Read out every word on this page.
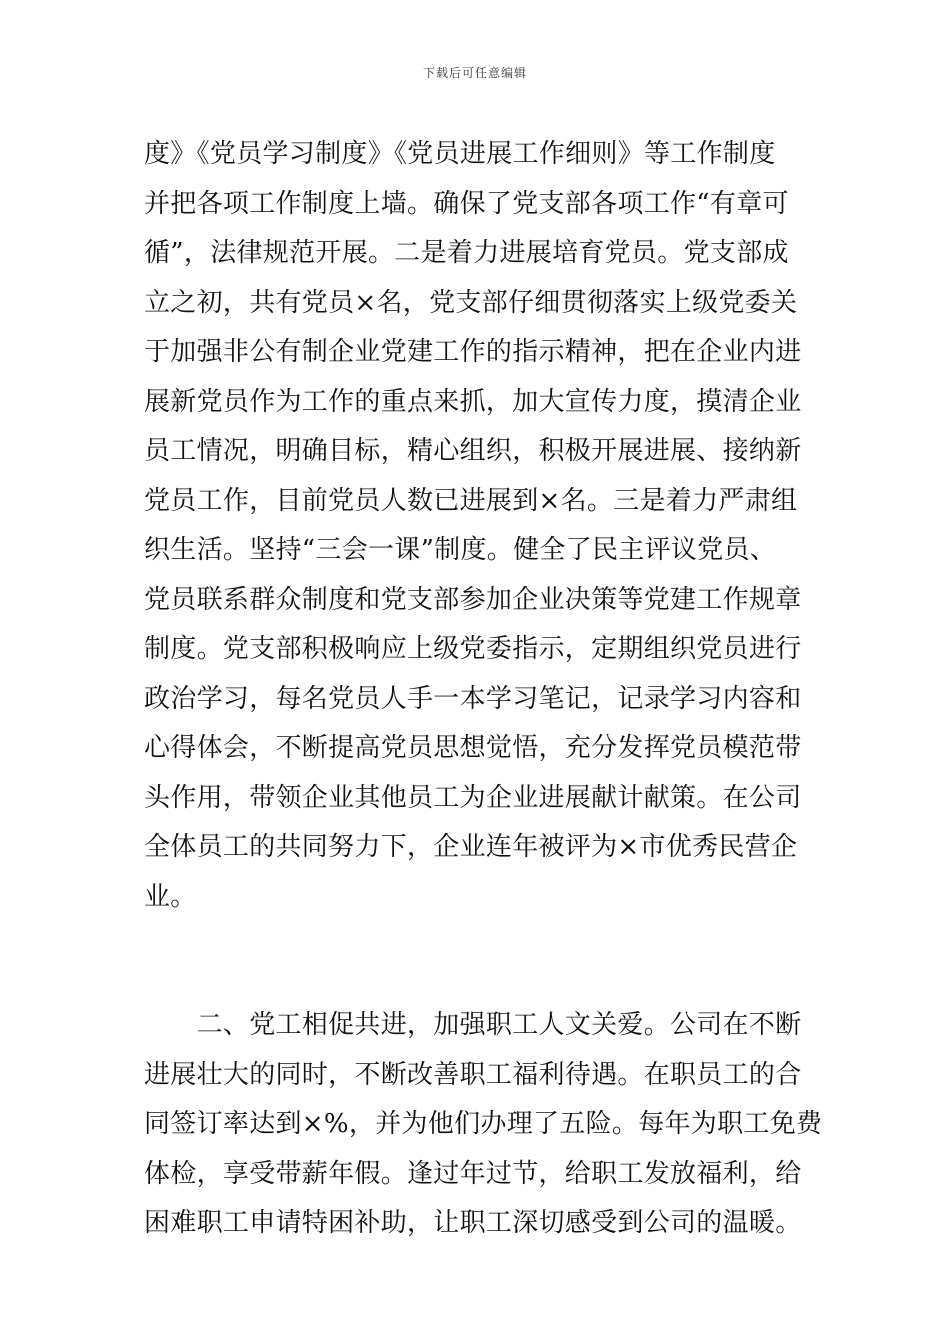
下载后可任意编辑
度》《党员学习制度》《党员进展工作细则》等工作制度
并把各项工作制度上墙。确保了党支部各项工作“有章可
循”，法律规范开展。二是着力进展培育党员。党支部成
立之初，共有党员×名，党支部仔细贯彻落实上级党委关
于加强非公有制企业党建工作的指示精神，把在企业内进
展新党员作为工作的重点来抓，加大宣传力度，摸清企业
员工情况，明确目标，精心组织，积极开展进展、接纳新
党员工作，目前党员人数已进展到×名。三是着力严肃组
织生活。坚持“三会一课”制度。健全了民主评议党员、
党员联系群众制度和党支部参加企业决策等党建工作规章
制度。党支部积极响应上级党委指示，定期组织党员进行
政治学习，每名党员人手一本学习笔记，记录学习内容和
心得体会，不断提高党员思想觉悟，充分发挥党员模范带
头作用，带领企业其他员工为企业进展献计献策。在公司
全体员工的共同努力下，企业连年被评为×市优秀民营企
业。
　　二、党工相促共进，加强职工人文关爱。公司在不断
进展壮大的同时，不断改善职工福利待遇。在职员工的合
同签订率达到×%，并为他们办理了五险。每年为职工免费
体检，享受带薪年假。逢过年过节，给职工发放福利，给
困难职工申请特困补助，让职工深切感受到公司的温暖。
